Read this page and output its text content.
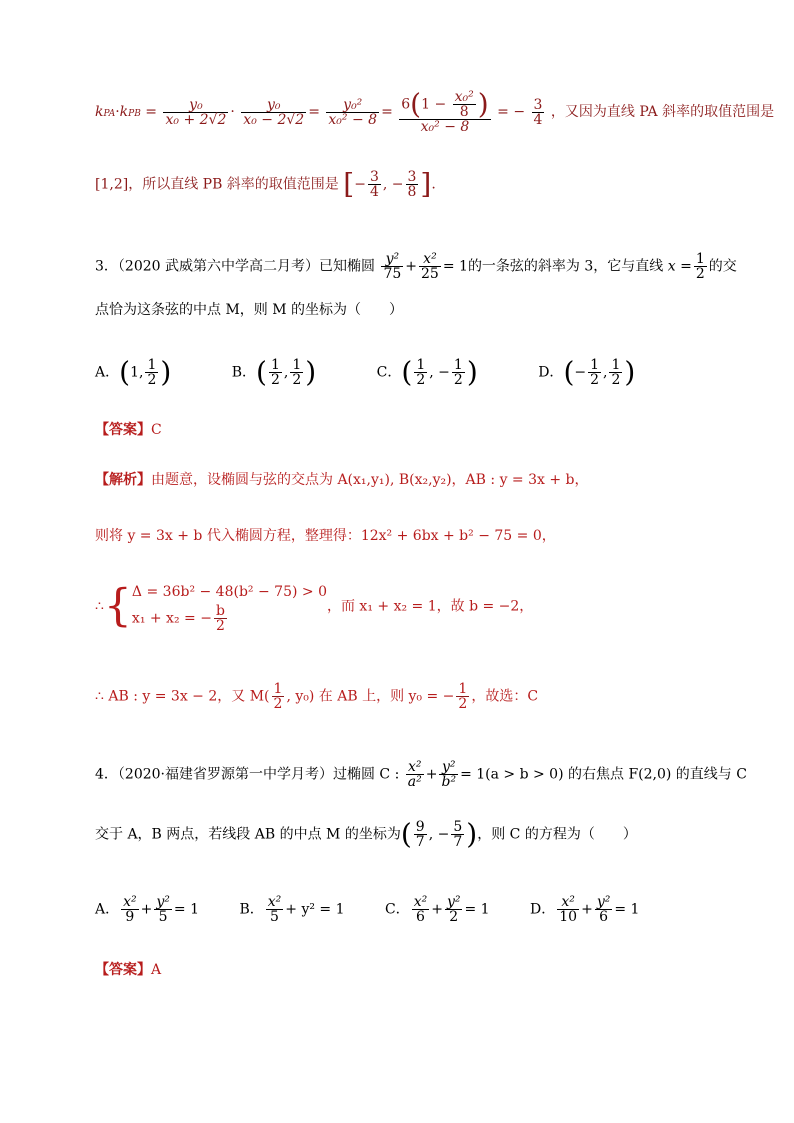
$kPA\cdot kPB = \frac{\text{y₀}}{\text{x₀ + 2√2}} \cdot \frac{\text{y₀}}{\text{x₀ − 2√2}} = \frac{\text{y₀²}}{\text{x₀² − 8}} = \frac{6(1 - \frac{\text{x₀²}}{8} )}{\text{x₀² − 8}}$ = − $\frac{3}{4}$ ，又因为直线 PA 斜率的取值范围是
[1,2]，所以直线 PB 斜率的取值范围是 [− $\frac{3}{4}$ , − $\frac{3}{8}$ ].
3．（2020 武威第六中学高二月考）已知椭圆 $\frac{\text{y²}}{75} + \frac{\text{x²}}{25} = 1$的一条弦的斜率为 3，它与直线 $x = \frac{1}{2}$ 的交
点恰为这条弦的中点 M，则 M 的坐标为（　　）
A．(1, $\frac{1}{2}$ )	B．( $\frac{1}{2}$ , $\frac{1}{2}$ )	C．( $\frac{1}{2}$ , − $\frac{1}{2}$ )	D．(− $\frac{1}{2}$ , $\frac{1}{2}$ )
【答案】C
【解析】由题意，设椭圆与弦的交点为 A(x₁,y₁), B(x₂,y₂)，AB : y = 3x + b，
则将 y = 3x + b 代入椭圆方程，整理得：12x² + 6bx + b² − 75 = 0，
∴{ Δ = 36b² − 48(b² − 75) > 0
x₁ + x₂ = − $\frac{b}{2}$	，而 x₁ + x₂ = 1，故 b = −2，
∴ AB : y = 3x − 2，又 $M( \frac{1}{2}$ , y₀) 在 AB 上，则 y₀ = − $\frac{1}{2}$ ，故选：C
4．（2020·福建省罗源第一中学月考）过椭圆 C : $\frac{\text{x²}}{\text{a²}} + \frac{\text{y²}}{\text{b²}} = 1(a > b > 0)$ 的右焦点 F(2,0) 的直线与 C
交于 A，B 两点，若线段 AB 的中点 M 的坐标为( $\frac{9}{7}$ , − $\frac{5}{7}$ )，则 C 的方程为（　　）
A． $\frac{\text{x²}}{9} + \frac{\text{y²}}{5} = 1$	B． $\frac{\text{x²}}{5} + y^2 = 1$	C． $\frac{\text{x²}}{6} + \frac{\text{y²}}{2} = 1$	D． $\frac{\text{x²}}{10} + \frac{\text{y²}}{6} = 1$
【答案】A
